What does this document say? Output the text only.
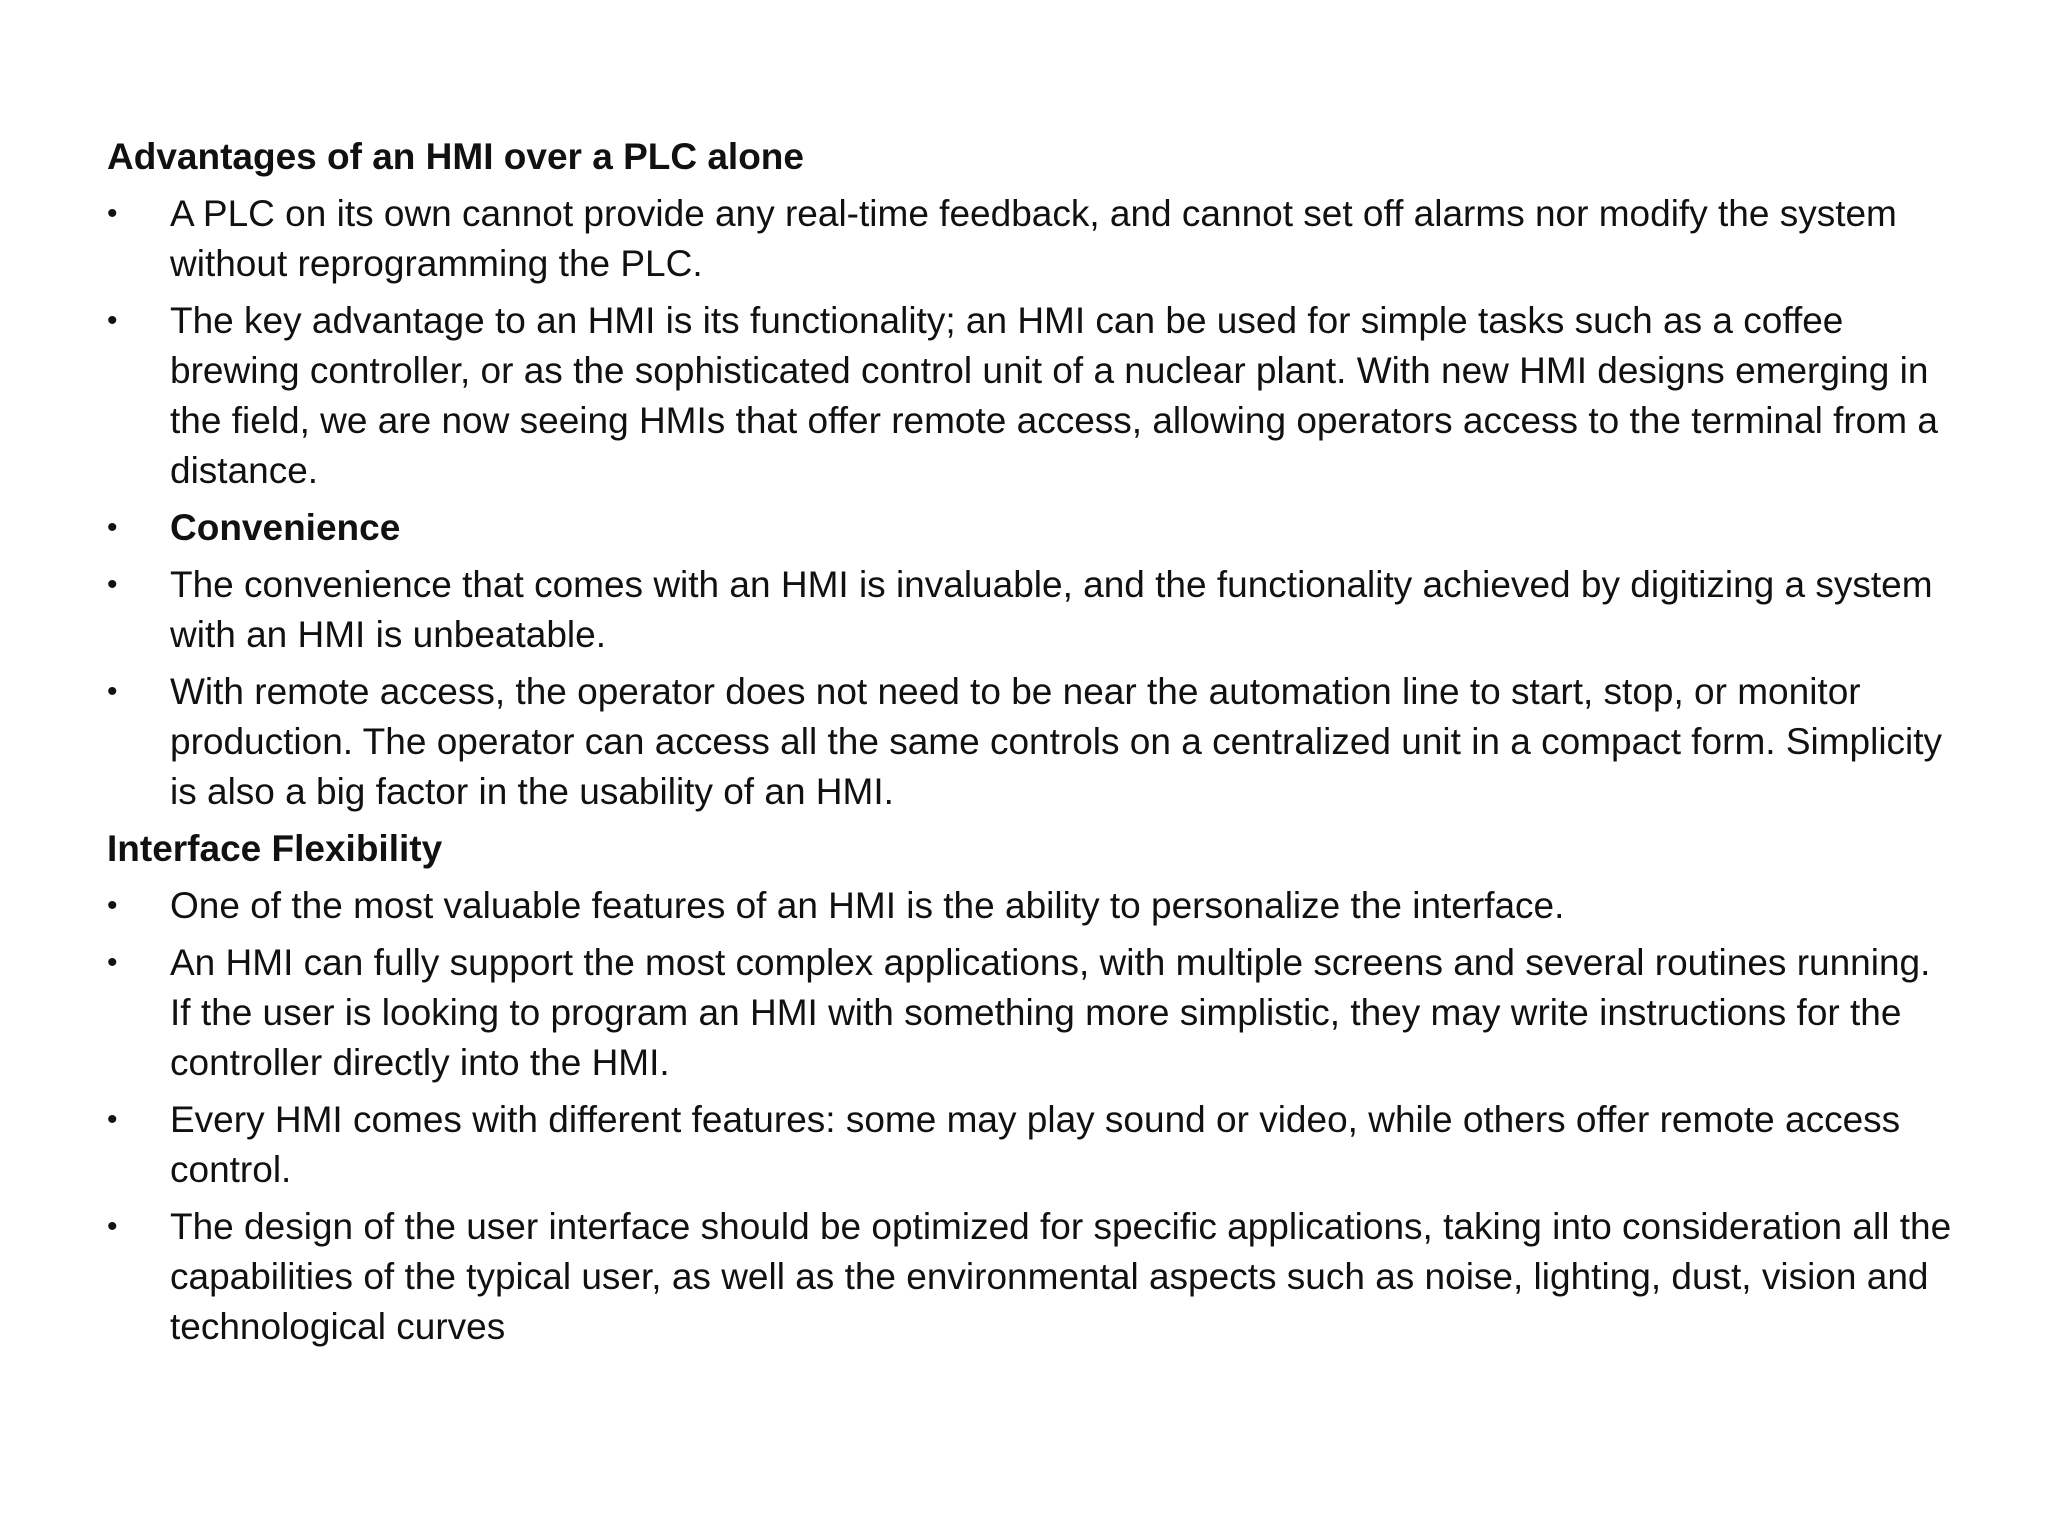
Advantages of an HMI over a PLC alone
• A PLC on its own cannot provide any real-time feedback, and cannot set off alarms nor modify the system without reprogramming the PLC.
• The key advantage to an HMI is its functionality; an HMI can be used for simple tasks such as a coffee brewing controller, or as the sophisticated control unit of a nuclear plant. With new HMI designs emerging in the field, we are now seeing HMIs that offer remote access, allowing operators access to the terminal from a distance.
• Convenience
• The convenience that comes with an HMI is invaluable, and the functionality achieved by digitizing a system with an HMI is unbeatable.
• With remote access, the operator does not need to be near the automation line to start, stop, or monitor production. The operator can access all the same controls on a centralized unit in a compact form. Simplicity is also a big factor in the usability of an HMI.
Interface Flexibility
• One of the most valuable features of an HMI is the ability to personalize the interface.
• An HMI can fully support the most complex applications, with multiple screens and several routines running. If the user is looking to program an HMI with something more simplistic, they may write instructions for the controller directly into the HMI.
• Every HMI comes with different features: some may play sound or video, while others offer remote access control.
• The design of the user interface should be optimized for specific applications, taking into consideration all the capabilities of the typical user, as well as the environmental aspects such as noise, lighting, dust, vision and technological curves
